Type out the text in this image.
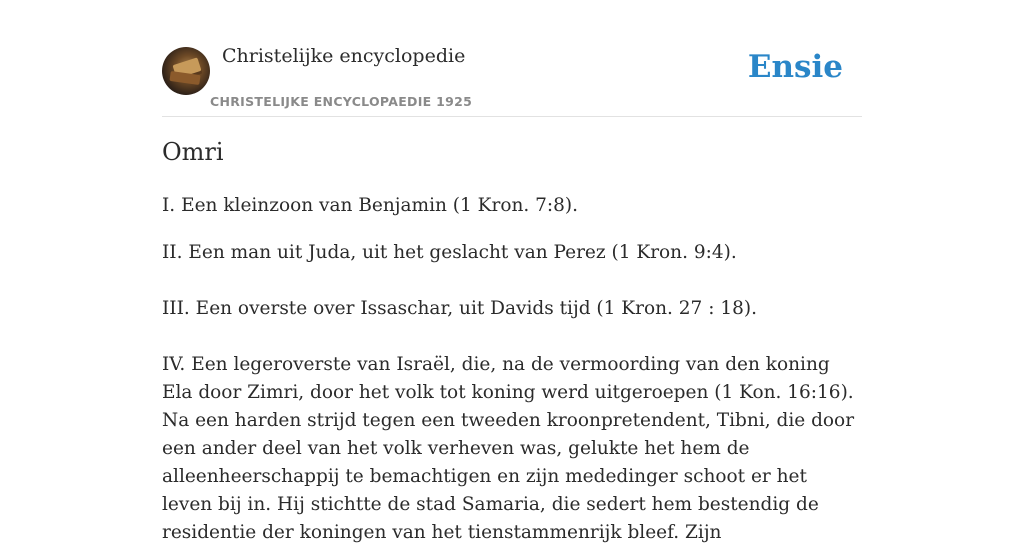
Christelijke encyclopedie
CHRISTELIJKE ENCYCLOPAEDIE 1925
Ensie
Omri

I. Een kleinzoon van Benjamin (1 Kron. 7:8).

II. Een man uit Juda, uit het geslacht van Perez (1 Kron. 9:4).

III. Een overste over Issaschar, uit Davids tijd (1 Kron. 27 : 18).

IV. Een legeroverste van Israël, die, na de vermoording van den koning Ela door Zimri, door het volk tot koning werd uitgeroepen (1 Kon. 16:16). Na een harden strijd tegen een tweeden kroonpretendent, Tibni, die door een ander deel van het volk verheven was, gelukte het hem de alleenheerschappij te bemachtigen en zijn mededinger schoot er het leven bij in. Hij stichtte de stad Samaria, die sedert hem bestendig de residentie der koningen van het tienstammenrijk bleef. Zijn
